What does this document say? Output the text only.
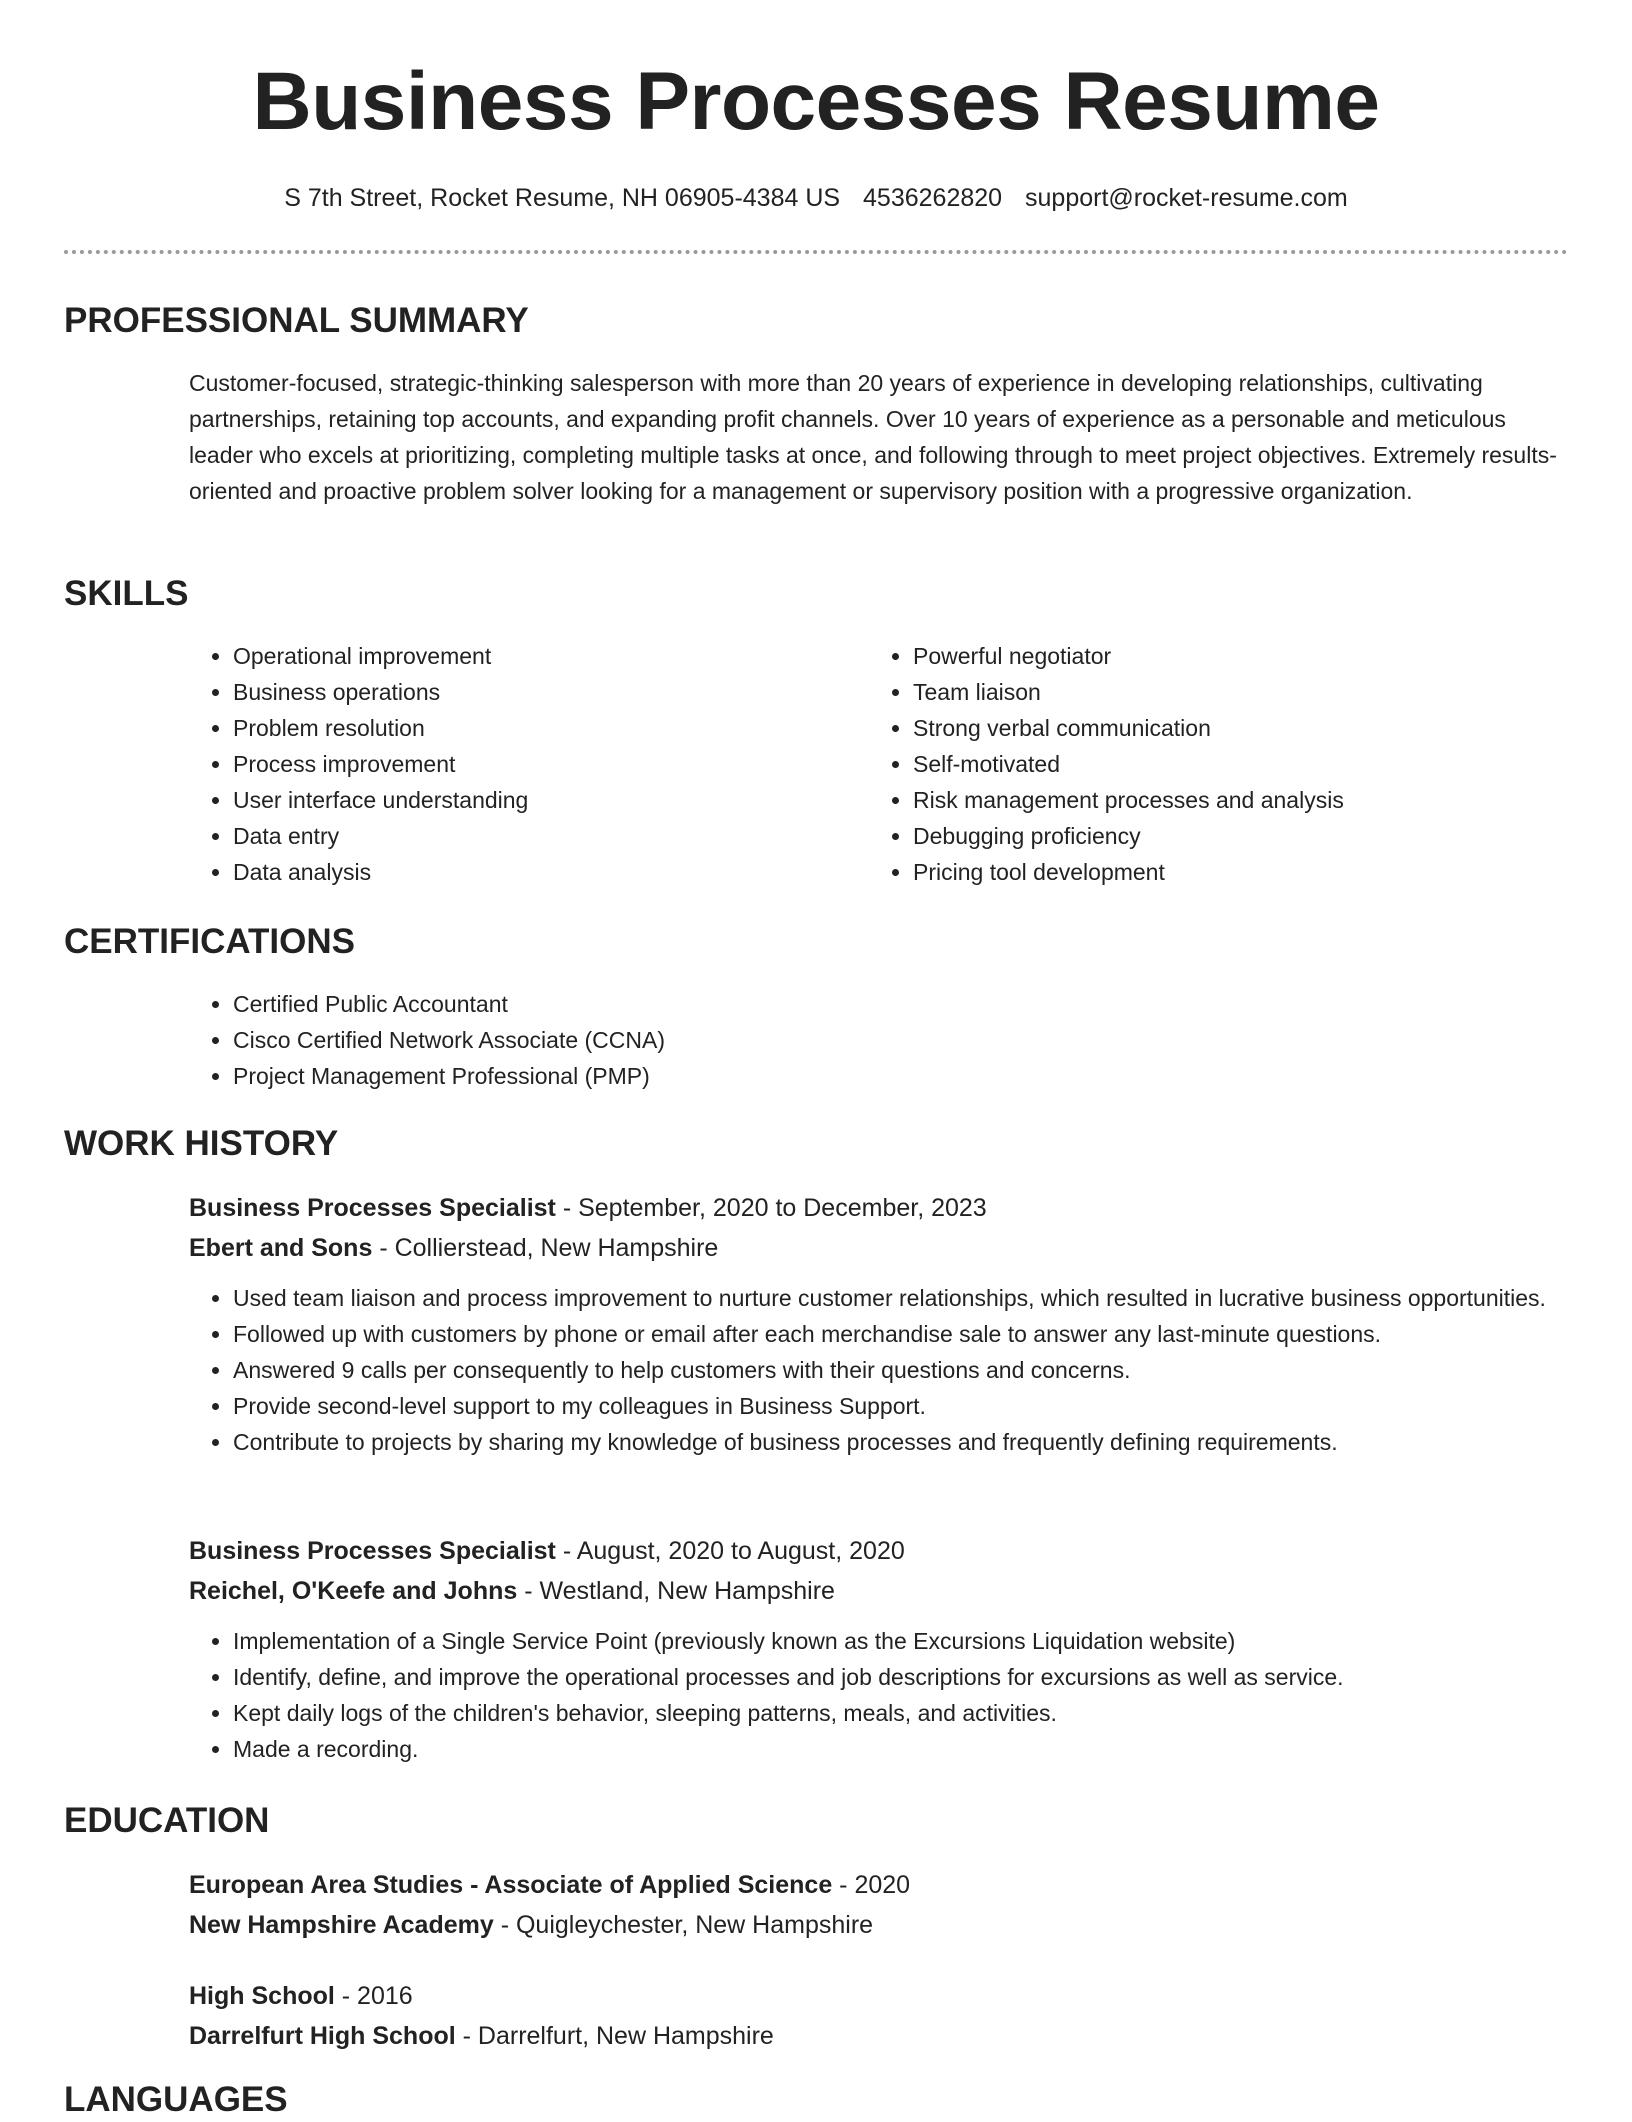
Business Processes Resume
S 7th Street, Rocket Resume, NH 06905-4384 US 4536262820 support@rocket-resume.com
PROFESSIONAL SUMMARY

Customer-focused, strategic-thinking salesperson with more than 20 years of experience in developing relationships, cultivating partnerships, retaining top accounts, and expanding profit channels. Over 10 years of experience as a personable and meticulous leader who excels at prioritizing, completing multiple tasks at once, and following through to meet project objectives. Extremely results-oriented and proactive problem solver looking for a management or supervisory position with a progressive organization.

SKILLS
• Operational improvement
• Business operations
• Problem resolution
• Process improvement
• User interface understanding
• Data entry
• Data analysis
• Powerful negotiator
• Team liaison
• Strong verbal communication
• Self-motivated
• Risk management processes and analysis
• Debugging proficiency
• Pricing tool development
CERTIFICATIONS
• Certified Public Accountant
• Cisco Certified Network Associate (CCNA)
• Project Management Professional (PMP)
WORK HISTORY
Business Processes Specialist - September, 2020 to December, 2023
Ebert and Sons - Collierstead, New Hampshire
• Used team liaison and process improvement to nurture customer relationships, which resulted in lucrative business opportunities.
• Followed up with customers by phone or email after each merchandise sale to answer any last-minute questions.
• Answered 9 calls per consequently to help customers with their questions and concerns.
• Provide second-level support to my colleagues in Business Support.
• Contribute to projects by sharing my knowledge of business processes and frequently defining requirements.
Business Processes Specialist - August, 2020 to August, 2020
Reichel, O'Keefe and Johns - Westland, New Hampshire
• Implementation of a Single Service Point (previously known as the Excursions Liquidation website)
• Identify, define, and improve the operational processes and job descriptions for excursions as well as service.
• Kept daily logs of the children's behavior, sleeping patterns, meals, and activities.
• Made a recording.
EDUCATION
European Area Studies - Associate of Applied Science - 2020
New Hampshire Academy - Quigleychester, New Hampshire
High School - 2016
Darrelfurt High School - Darrelfurt, New Hampshire
LANGUAGES
